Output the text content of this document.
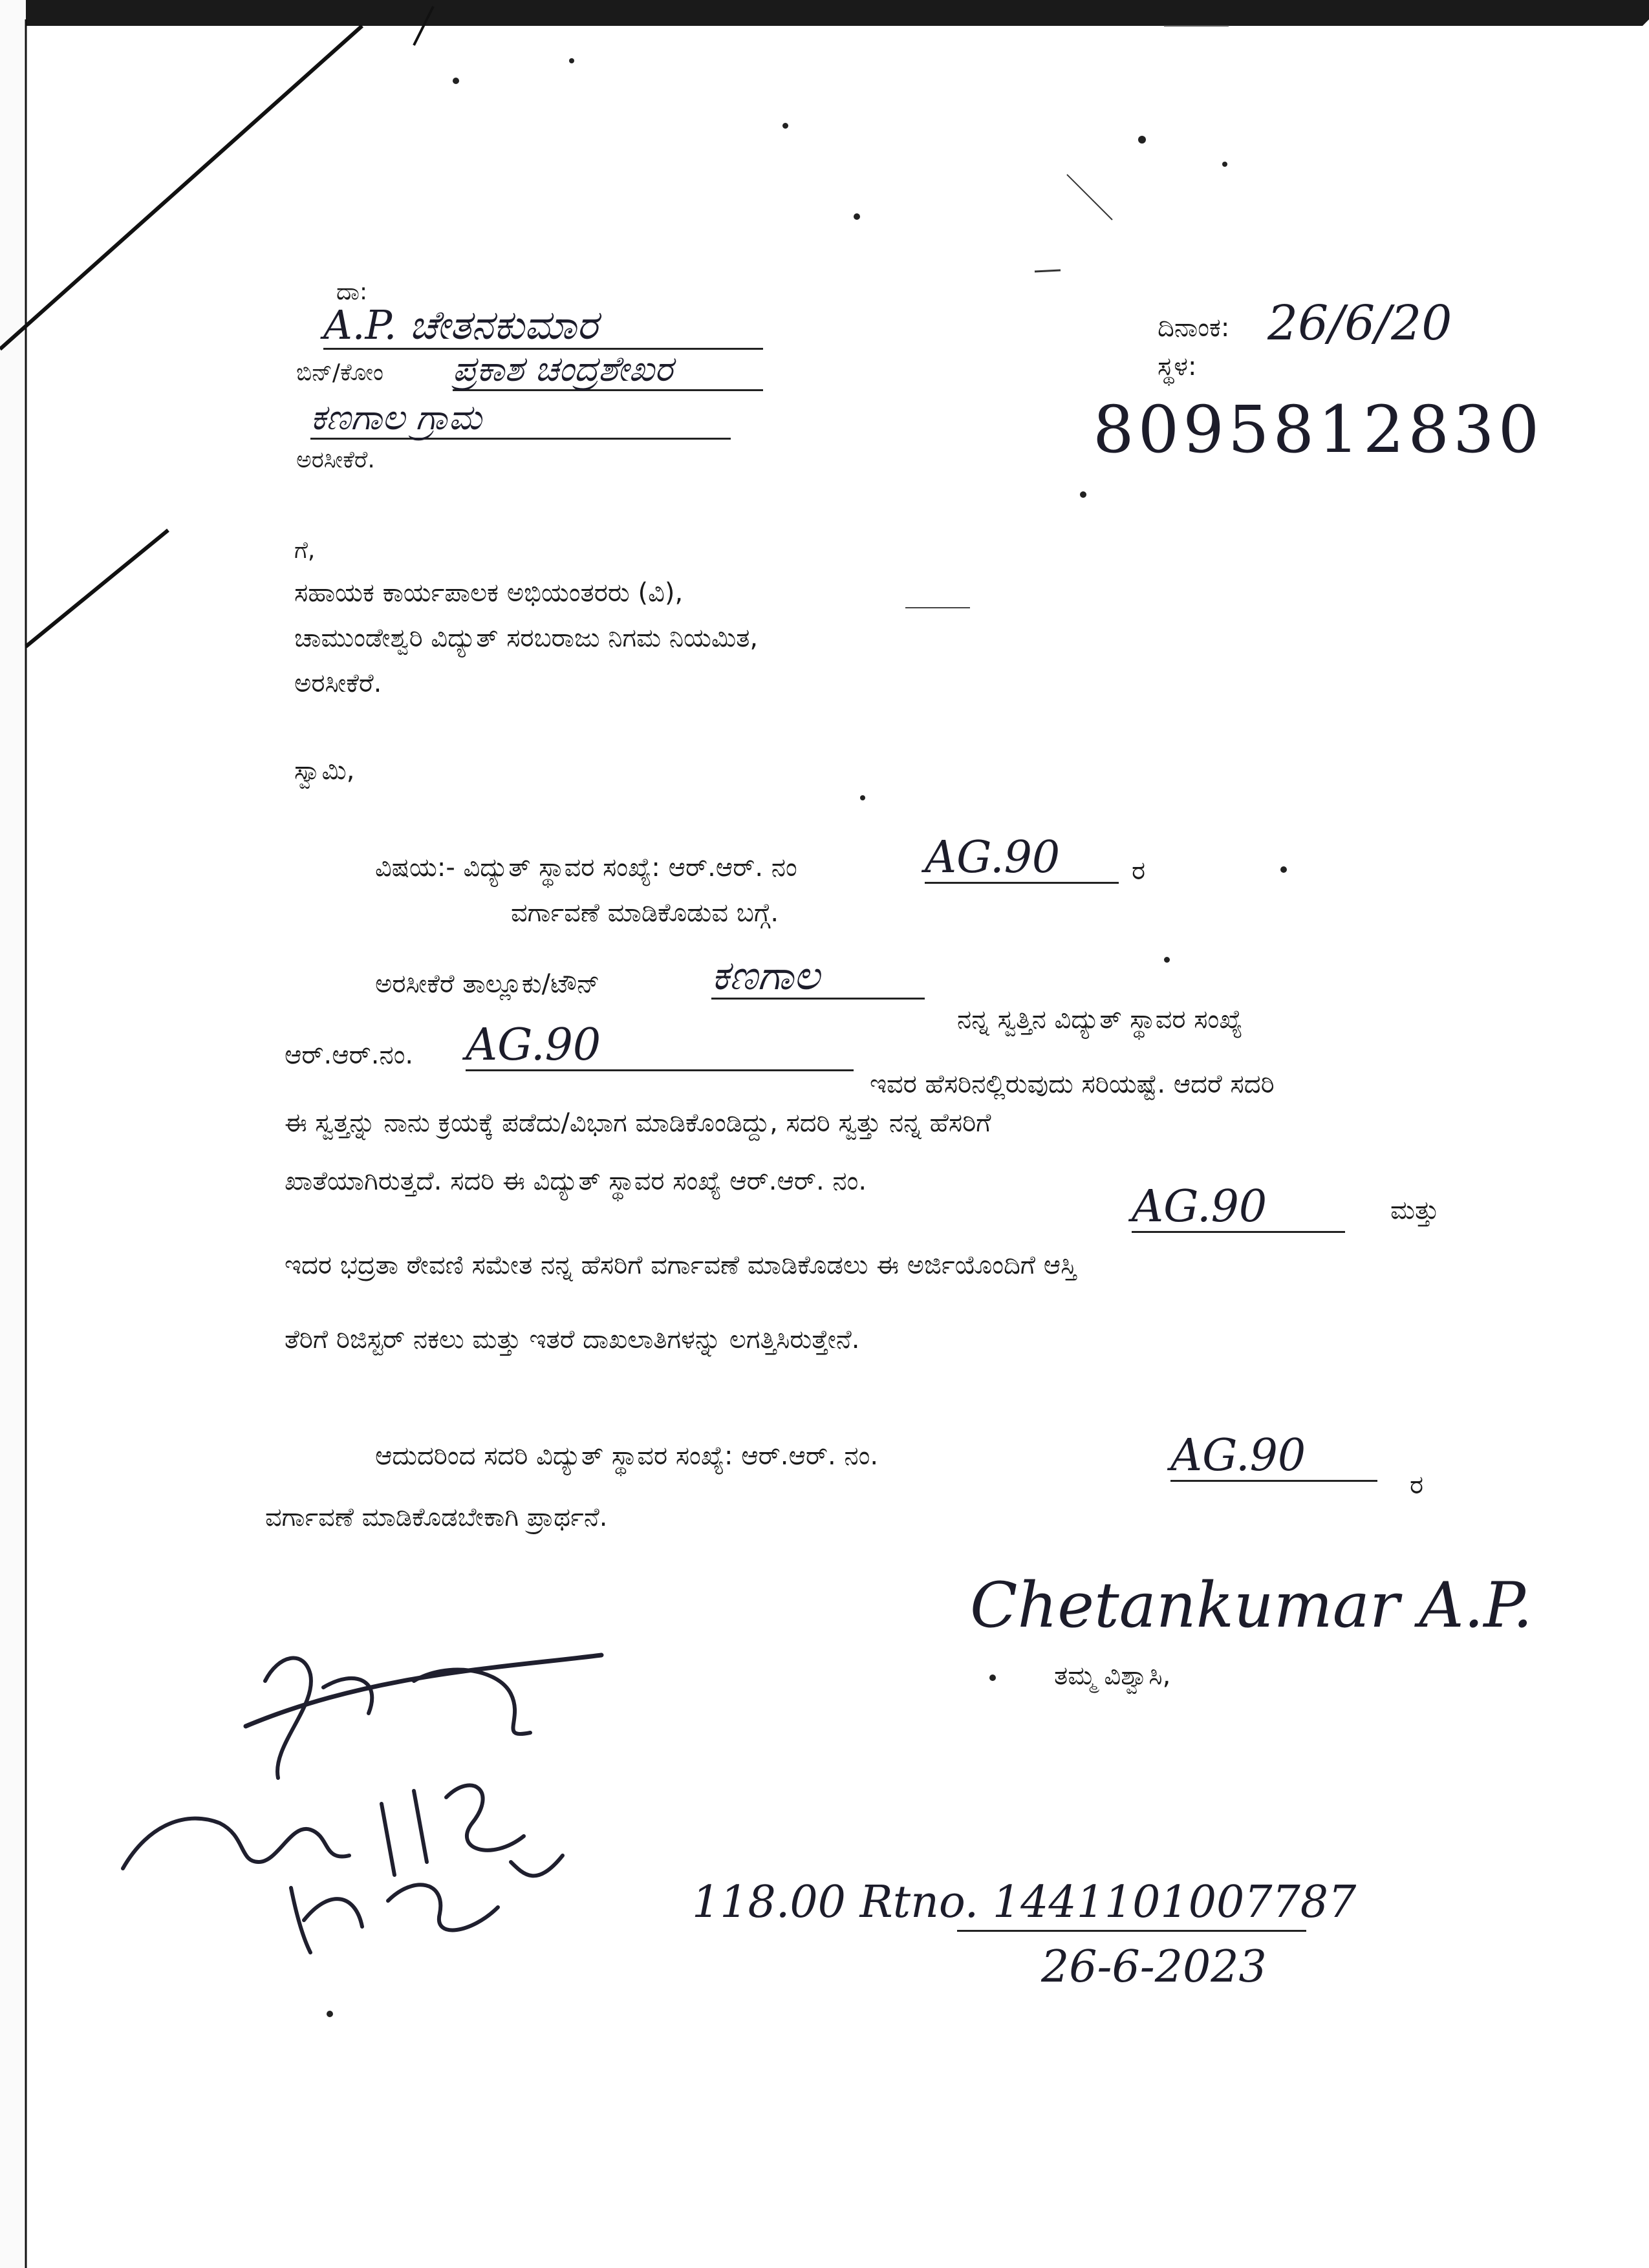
ದಾ:
A.P. ಚೇತನಕುಮಾರ
ಬಿನ್/ಕೋಂ ಪ್ರಕಾಶ ಚಂದ್ರಶೇಖರ
ಕಣಗಾಲ ಗ್ರಾಮ
ಅರಸೀಕೆರೆ.
ದಿನಾಂಕ: 26/6/20
ಸ್ಥಳ:
8095812830
ಗೆ,
ಸಹಾಯಕ ಕಾರ್ಯಪಾಲಕ ಅಭಿಯಂತರರು (ವಿ),
ಚಾಮುಂಡೇಶ್ವರಿ ವಿದ್ಯುತ್ ಸರಬರಾಜು ನಿಗಮ ನಿಯಮಿತ,
ಅರಸೀಕೆರೆ.
ಸ್ವಾಮಿ,
ವಿಷಯ:- ವಿದ್ಯುತ್ ಸ್ಥಾವರ ಸಂಖ್ಯೆ: ಆರ್.ಆರ್. ನಂ	AG.90	ರ
ವರ್ಗಾವಣೆ ಮಾಡಿಕೊಡುವ ಬಗ್ಗೆ.
ಅರಸೀಕೆರೆ ತಾಲ್ಲೂಕು/ಟೌನ್	ಕಣಗಾಲ
ನನ್ನ ಸ್ವತ್ತಿನ ವಿದ್ಯುತ್ ಸ್ಥಾವರ ಸಂಖ್ಯೆ
ಆರ್.ಆರ್.ನಂ. AG.90
ಇವರ ಹೆಸರಿನಲ್ಲಿರುವುದು ಸರಿಯಷ್ಟೆ. ಆದರೆ ಸದರಿ
ಈ ಸ್ವತ್ತನ್ನು ನಾನು ಕ್ರಯಕ್ಕೆ ಪಡೆದು/ವಿಭಾಗ ಮಾಡಿಕೊಂಡಿದ್ದು, ಸದರಿ ಸ್ವತ್ತು ನನ್ನ ಹೆಸರಿಗೆ
ಖಾತೆಯಾಗಿರುತ್ತದೆ. ಸದರಿ ಈ ವಿದ್ಯುತ್ ಸ್ಥಾವರ ಸಂಖ್ಯೆ ಆರ್.ಆರ್. ನಂ.	AG.90	ಮತ್ತು
ಇದರ ಭದ್ರತಾ ಠೇವಣಿ ಸಮೇತ ನನ್ನ ಹೆಸರಿಗೆ ವರ್ಗಾವಣೆ ಮಾಡಿಕೊಡಲು ಈ ಅರ್ಜಿಯೊಂದಿಗೆ ಆಸ್ತಿ
ತೆರಿಗೆ ರಿಜಿಸ್ಟರ್ ನಕಲು ಮತ್ತು ಇತರೆ ದಾಖಲಾತಿಗಳನ್ನು ಲಗತ್ತಿಸಿರುತ್ತೇನೆ.
ಆದುದರಿಂದ ಸದರಿ ವಿದ್ಯುತ್ ಸ್ಥಾವರ ಸಂಖ್ಯೆ: ಆರ್.ಆರ್. ನಂ.	AG.90
ರ
ವರ್ಗಾವಣೆ ಮಾಡಿಕೊಡಬೇಕಾಗಿ ಪ್ರಾರ್ಥನೆ.
Chetankumar A.P.
ತಮ್ಮ ವಿಶ್ವಾಸಿ,
118.00 Rtno. 1441101007787
26-6-2023
